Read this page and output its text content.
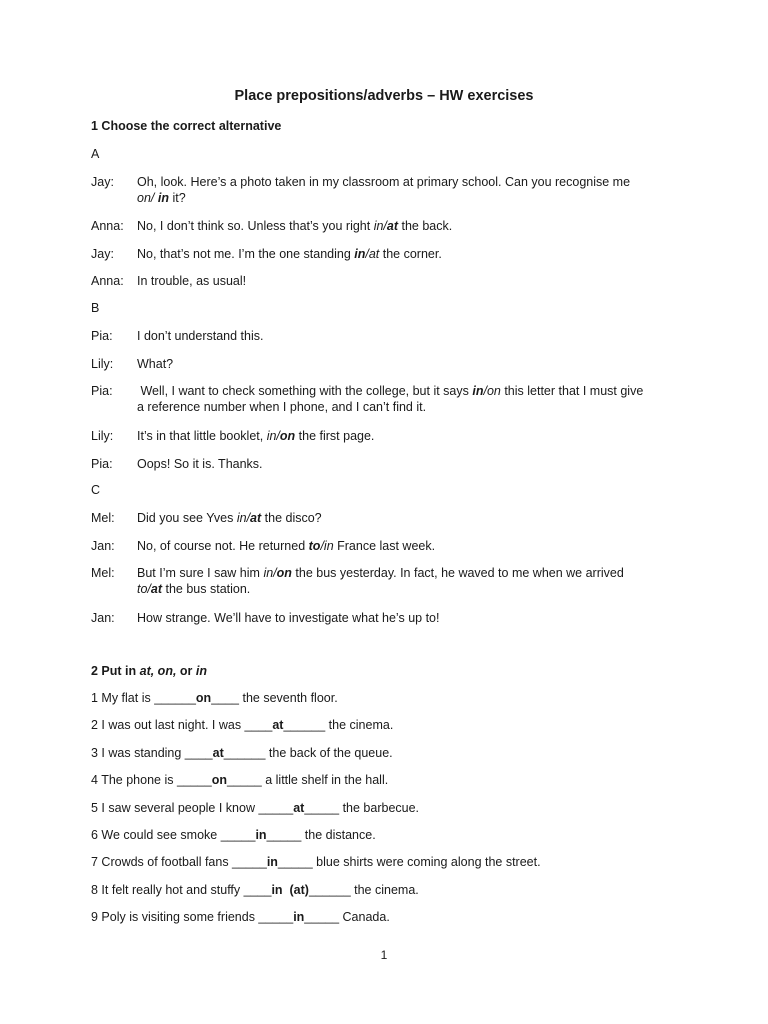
Place prepositions/adverbs – HW exercises
1 Choose the correct alternative
A
Jay:	Oh, look. Here’s a photo taken in my classroom at primary school. Can you recognise me
on/ in it?
Anna:	No, I don’t think so. Unless that’s you right in/at the back.
Jay:	No, that’s not me. I’m the one standing in/at the corner.
Anna:	In trouble, as usual!
B
Pia:	I don’t understand this.
Lily:	What?
Pia:	Well, I want to check something with the college, but it says in/on this letter that I must give
a reference number when I phone, and I can’t find it.
Lily:	It’s in that little booklet, in/on the first page.
Pia:	Oops! So it is. Thanks.
C
Mel:	Did you see Yves in/at the disco?
Jan:	No, of course not. He returned to/in France last week.
Mel:	But I’m sure I saw him in/on the bus yesterday. In fact, he waved to me when we arrived
to/at the bus station.
Jan:	How strange. We’ll have to investigate what he’s up to!
2 Put in at, on, or in
1 My flat is ______on____ the seventh floor.
2 I was out last night. I was ____at______ the cinema.
3 I was standing ____at______ the back of the queue.
4 The phone is _____on_____ a little shelf in the hall.
5 I saw several people I know _____at_____ the barbecue.
6 We could see smoke _____in_____ the distance.
7 Crowds of football fans _____in_____ blue shirts were coming along the street.
8 It felt really hot and stuffy ____in  (at)______ the cinema.
9 Poly is visiting some friends _____in_____ Canada.
1
